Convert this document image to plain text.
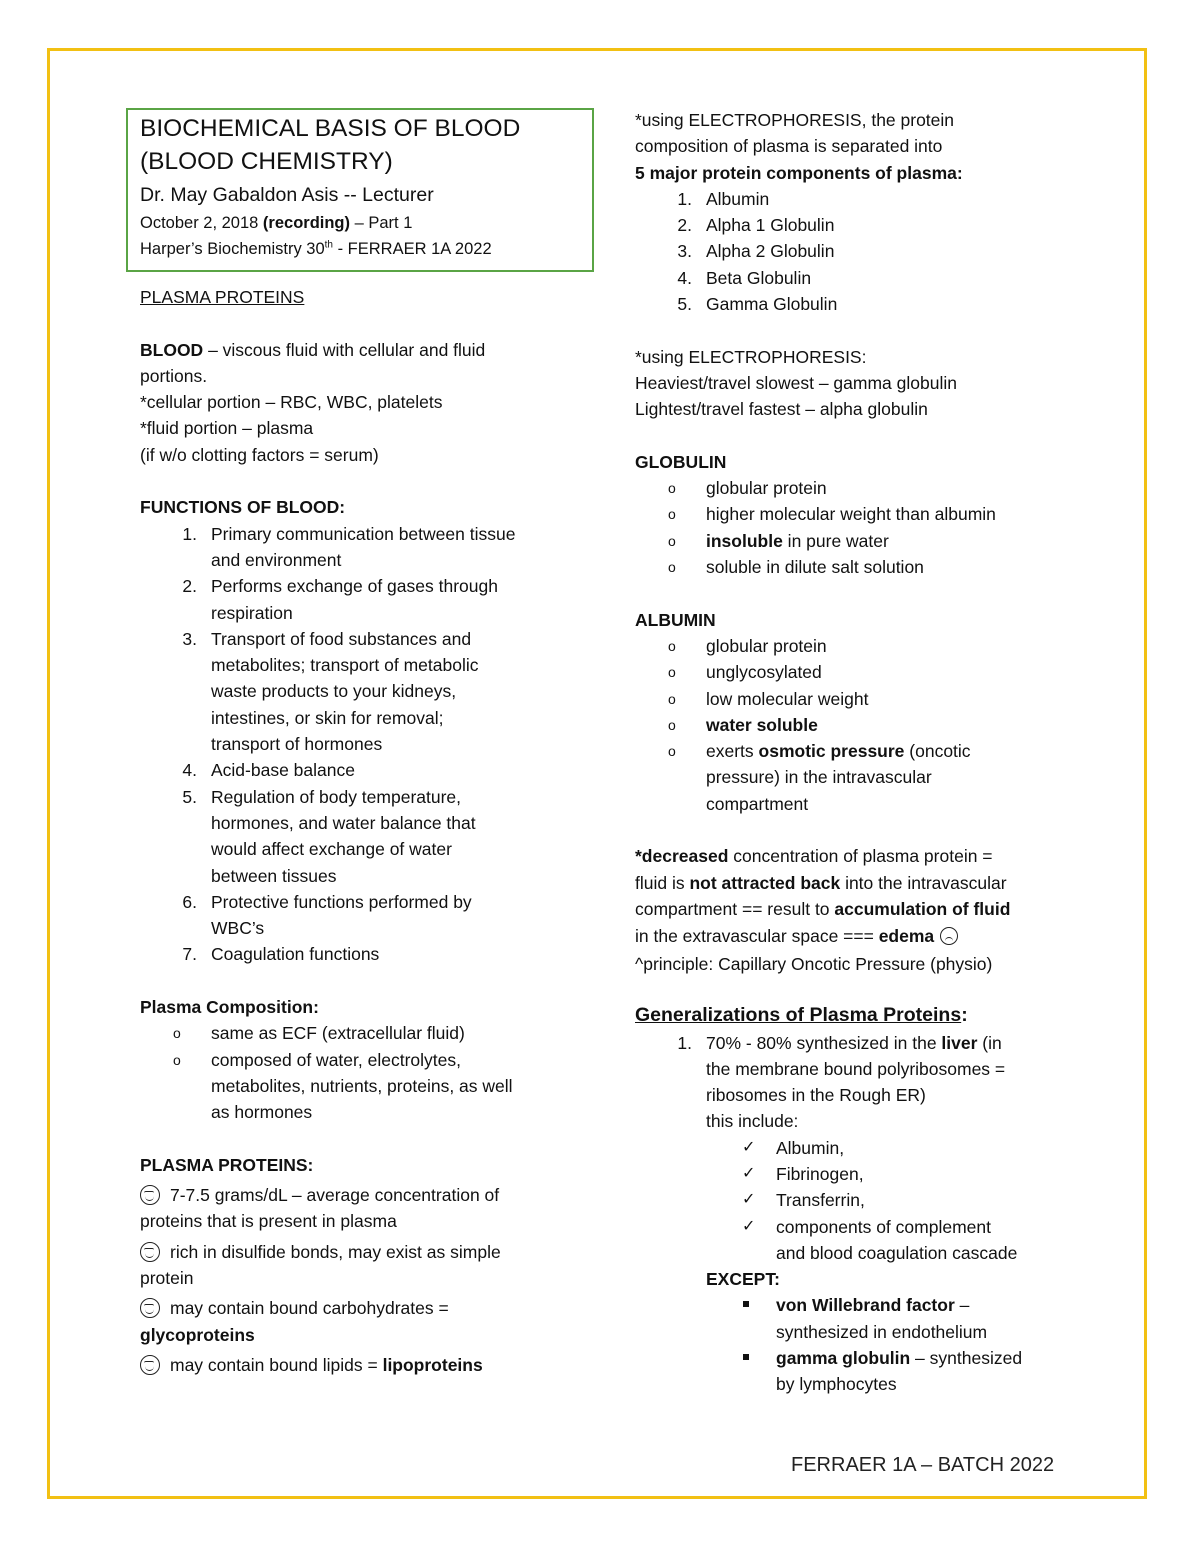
BIOCHEMICAL BASIS OF BLOOD
(BLOOD CHEMISTRY)
Dr. May Gabaldon Asis -- Lecturer
October 2, 2018 (recording) – Part 1
Harper’s Biochemistry 30th - FERRAER 1A 2022
PLASMA PROTEINS
BLOOD – viscous fluid with cellular and fluid
portions.
*cellular portion – RBC, WBC, platelets
*fluid portion – plasma
(if w/o clotting factors = serum)
FUNCTIONS OF BLOOD:
1. Primary communication between tissue
and environment
2. Performs exchange of gases through
respiration
3. Transport of food substances and
metabolites; transport of metabolic
waste products to your kidneys,
intestines, or skin for removal;
transport of hormones
4. Acid-base balance
5. Regulation of body temperature,
hormones, and water balance that
would affect exchange of water
between tissues
6. Protective functions performed by
WBC’s
7. Coagulation functions
Plasma Composition:
o same as ECF (extracellular fluid)
o composed of water, electrolytes,
metabolites, nutrients, proteins, as well
as hormones
PLASMA PROTEINS:
7-7.5 grams/dL – average concentration of
proteins that is present in plasma
rich in disulfide bonds, may exist as simple
protein
may contain bound carbohydrates =
glycoproteins
may contain bound lipids = lipoproteins
*using ELECTROPHORESIS, the protein
composition of plasma is separated into
5 major protein components of plasma:
1. Albumin
2. Alpha 1 Globulin
3. Alpha 2 Globulin
4. Beta Globulin
5. Gamma Globulin
*using ELECTROPHORESIS:
Heaviest/travel slowest – gamma globulin
Lightest/travel fastest – alpha globulin
GLOBULIN
o globular protein
o higher molecular weight than albumin
o insoluble in pure water
o soluble in dilute salt solution
ALBUMIN
o globular protein
o unglycosylated
o low molecular weight
o water soluble
o exerts osmotic pressure (oncotic
pressure) in the intravascular
compartment
*decreased concentration of plasma protein =
fluid is not attracted back into the intravascular
compartment == result to accumulation of fluid
in the extravascular space === edema
^principle: Capillary Oncotic Pressure (physio)
Generalizations of Plasma Proteins:
1. 70% - 80% synthesized in the liver (in
the membrane bound polyribosomes =
ribosomes in the Rough ER)
this include:
✓ Albumin,
✓ Fibrinogen,
✓ Transferrin,
✓ components of complement
and blood coagulation cascade
EXCEPT:
von Willebrand factor –
synthesized in endothelium
gamma globulin – synthesized
by lymphocytes
FERRAER 1A – BATCH 2022
